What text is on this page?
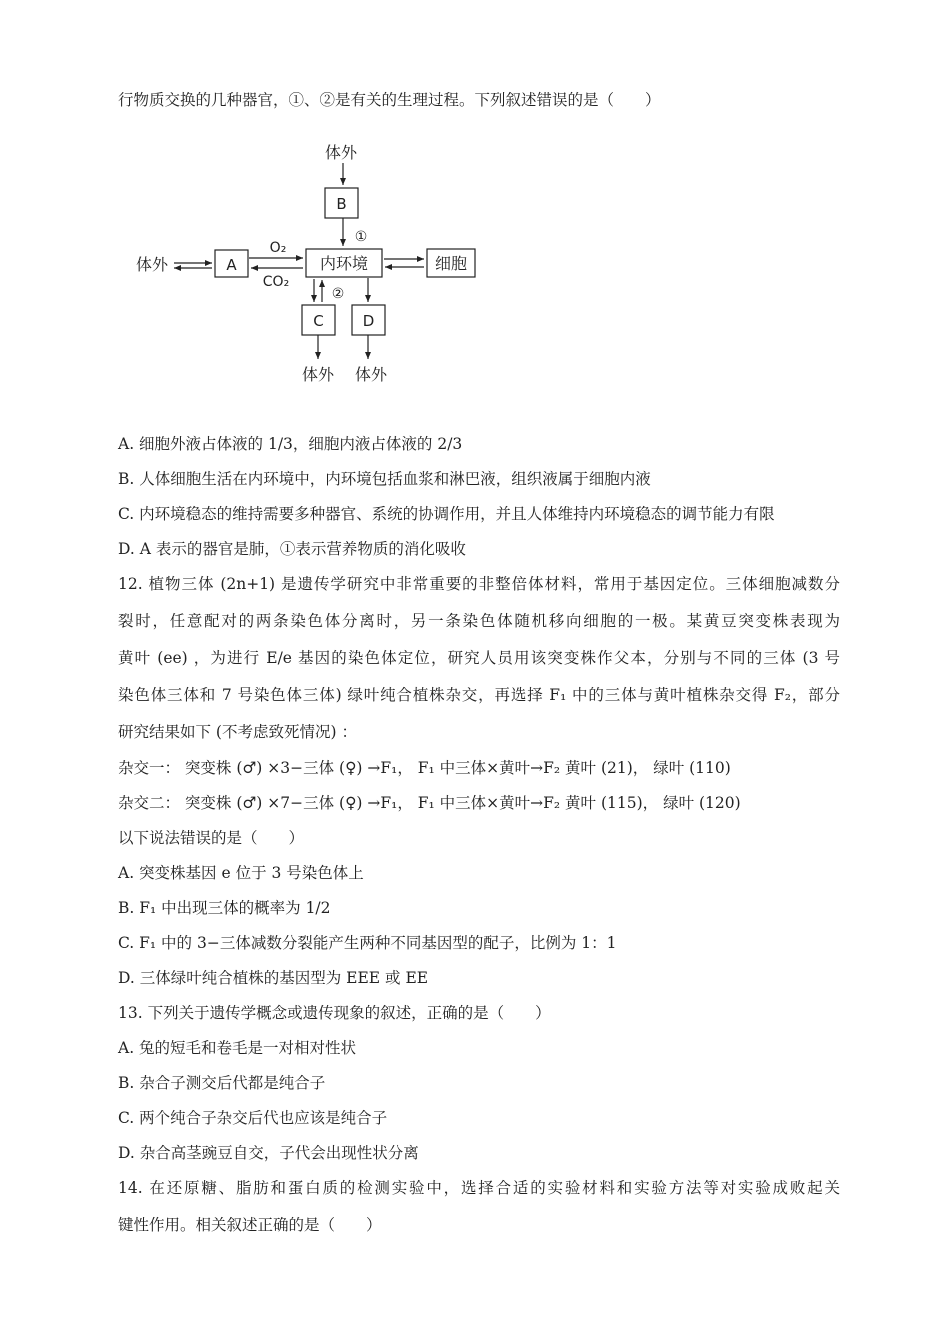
行物质交换的几种器官，①、②是有关的生理过程。下列叙述错误的是（　　）
体外
B
①
内环境
体外	A
O₂
CO₂
细胞
②
C	D
体外 体外
A. 细胞外液占体液的 1/3，细胞内液占体液的 2/3
B. 人体细胞生活在内环境中，内环境包括血浆和淋巴液，组织液属于细胞内液
C. 内环境稳态的维持需要多种器官、系统的协调作用，并且人体维持内环境稳态的调节能力有限
D. A 表示的器官是肺，①表示营养物质的消化吸收
12. 植物三体 (2n+1) 是遗传学研究中非常重要的非整倍体材料，常用于基因定位。三体细胞减数分
裂时，任意配对的两条染色体分离时，另一条染色体随机移向细胞的一极。某黄豆突变株表现为
黄叶 (ee) ，为进行 E/e 基因的染色体定位，研究人员用该突变株作父本，分别与不同的三体 (3 号
染色体三体和 7 号染色体三体) 绿叶纯合植株杂交，再选择 F₁ 中的三体与黄叶植株杂交得 F₂，部分
研究结果如下 (不考虑致死情况) ：
杂交一： 突变株 (♂) ×3−三体 (♀) →F₁， F₁ 中三体×黄叶→F₂ 黄叶 (21)， 绿叶 (110)
杂交二： 突变株 (♂) ×7−三体 (♀) →F₁， F₁ 中三体×黄叶→F₂ 黄叶 (115)， 绿叶 (120)
以下说法错误的是（　　）
A. 突变株基因 e 位于 3 号染色体上
B. F₁ 中出现三体的概率为 1/2
C. F₁ 中的 3−三体减数分裂能产生两种不同基因型的配子，比例为 1：1
D. 三体绿叶纯合植株的基因型为 EEE 或 EE
13. 下列关于遗传学概念或遗传现象的叙述，正确的是（　　）
A. 兔的短毛和卷毛是一对相对性状
B. 杂合子测交后代都是纯合子
C. 两个纯合子杂交后代也应该是纯合子
D. 杂合高茎豌豆自交，子代会出现性状分离
14. 在还原糖、脂肪和蛋白质的检测实验中，选择合适的实验材料和实验方法等对实验成败起关
键性作用。相关叙述正确的是（　　）
